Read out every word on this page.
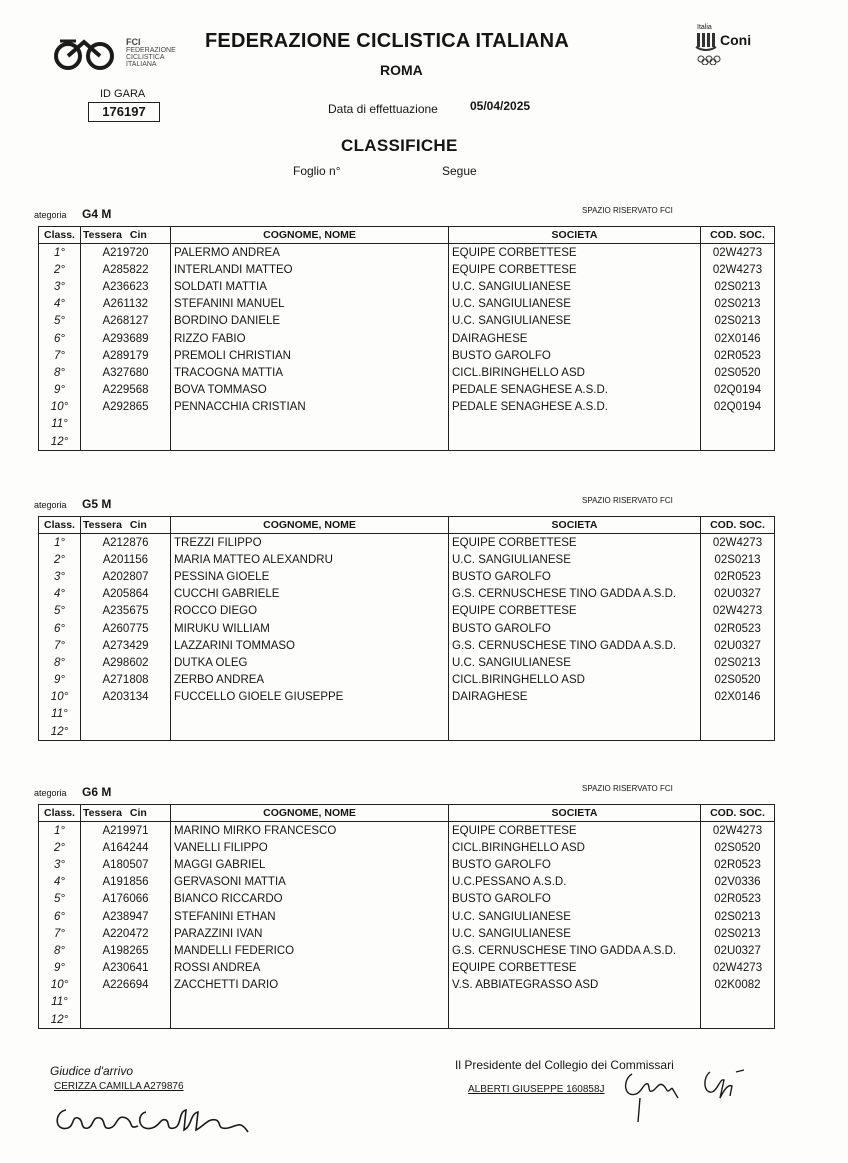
FCI
FEDERAZIONE
CICLISTICA
ITALIANA
FEDERAZIONE CICLISTICA ITALIANA
ROMA
Italia
Coni
ID GARA
176197	Data di effettuazione	05/04/2025
CLASSIFICHE
Foglio n°	Segue
ategoria G4 M	SPAZIO RISERVATO FCI
Class.	Tessera Cin	COGNOME, NOME	SOCIETA	COD. SOC.
1°	A219720	PALERMO ANDREA	EQUIPE CORBETTESE	02W4273
2°	A285822	INTERLANDI MATTEO	EQUIPE CORBETTESE	02W4273
3°	A236623	SOLDATI MATTIA	U.C. SANGIULIANESE	02S0213
4°	A261132	STEFANINI MANUEL	U.C. SANGIULIANESE	02S0213
5°	A268127	BORDINO DANIELE	U.C. SANGIULIANESE	02S0213
6°	A293689	RIZZO FABIO	DAIRAGHESE	02X0146
7°	A289179	PREMOLI CHRISTIAN	BUSTO GAROLFO	02R0523
8°	A327680	TRACOGNA MATTIA	CICL.BIRINGHELLO ASD	02S0520
9°	A229568	BOVA TOMMASO	PEDALE SENAGHESE A.S.D.	02Q0194
10°	A292865	PENNACCHIA CRISTIAN	PEDALE SENAGHESE A.S.D.	02Q0194
11°				
12°				
ategoria G5 M	SPAZIO RISERVATO FCI
Class.	Tessera Cin	COGNOME, NOME	SOCIETA	COD. SOC.
1°	A212876	TREZZI FILIPPO	EQUIPE CORBETTESE	02W4273
2°	A201156	MARIA MATTEO ALEXANDRU	U.C. SANGIULIANESE	02S0213
3°	A202807	PESSINA GIOELE	BUSTO GAROLFO	02R0523
4°	A205864	CUCCHI GABRIELE	G.S. CERNUSCHESE TINO GADDA A.S.D.	02U0327
5°	A235675	ROCCO DIEGO	EQUIPE CORBETTESE	02W4273
6°	A260775	MIRUKU WILLIAM	BUSTO GAROLFO	02R0523
7°	A273429	LAZZARINI TOMMASO	G.S. CERNUSCHESE TINO GADDA A.S.D.	02U0327
8°	A298602	DUTKA OLEG	U.C. SANGIULIANESE	02S0213
9°	A271808	ZERBO ANDREA	CICL.BIRINGHELLO ASD	02S0520
10°	A203134	FUCCELLO GIOELE GIUSEPPE	DAIRAGHESE	02X0146
11°				
12°				
ategoria G6 M	SPAZIO RISERVATO FCI
Class.	Tessera Cin	COGNOME, NOME	SOCIETA	COD. SOC.
1°	A219971	MARINO MIRKO FRANCESCO	EQUIPE CORBETTESE	02W4273
2°	A164244	VANELLI FILIPPO	CICL.BIRINGHELLO ASD	02S0520
3°	A180507	MAGGI GABRIEL	BUSTO GAROLFO	02R0523
4°	A191856	GERVASONI MATTIA	U.C.PESSANO A.S.D.	02V0336
5°	A176066	BIANCO RICCARDO	BUSTO GAROLFO	02R0523
6°	A238947	STEFANINI ETHAN	U.C. SANGIULIANESE	02S0213
7°	A220472	PARAZZINI IVAN	U.C. SANGIULIANESE	02S0213
8°	A198265	MANDELLI FEDERICO	G.S. CERNUSCHESE TINO GADDA A.S.D.	02U0327
9°	A230641	ROSSI ANDREA	EQUIPE CORBETTESE	02W4273
10°	A226694	ZACCHETTI DARIO	V.S. ABBIATEGRASSO ASD	02K0082
11°				
12°				
Giudice d'arrivo
CERIZZA CAMILLA A279876
Il Presidente del Collegio dei Commissari
ALBERTI GIUSEPPE 160858J
